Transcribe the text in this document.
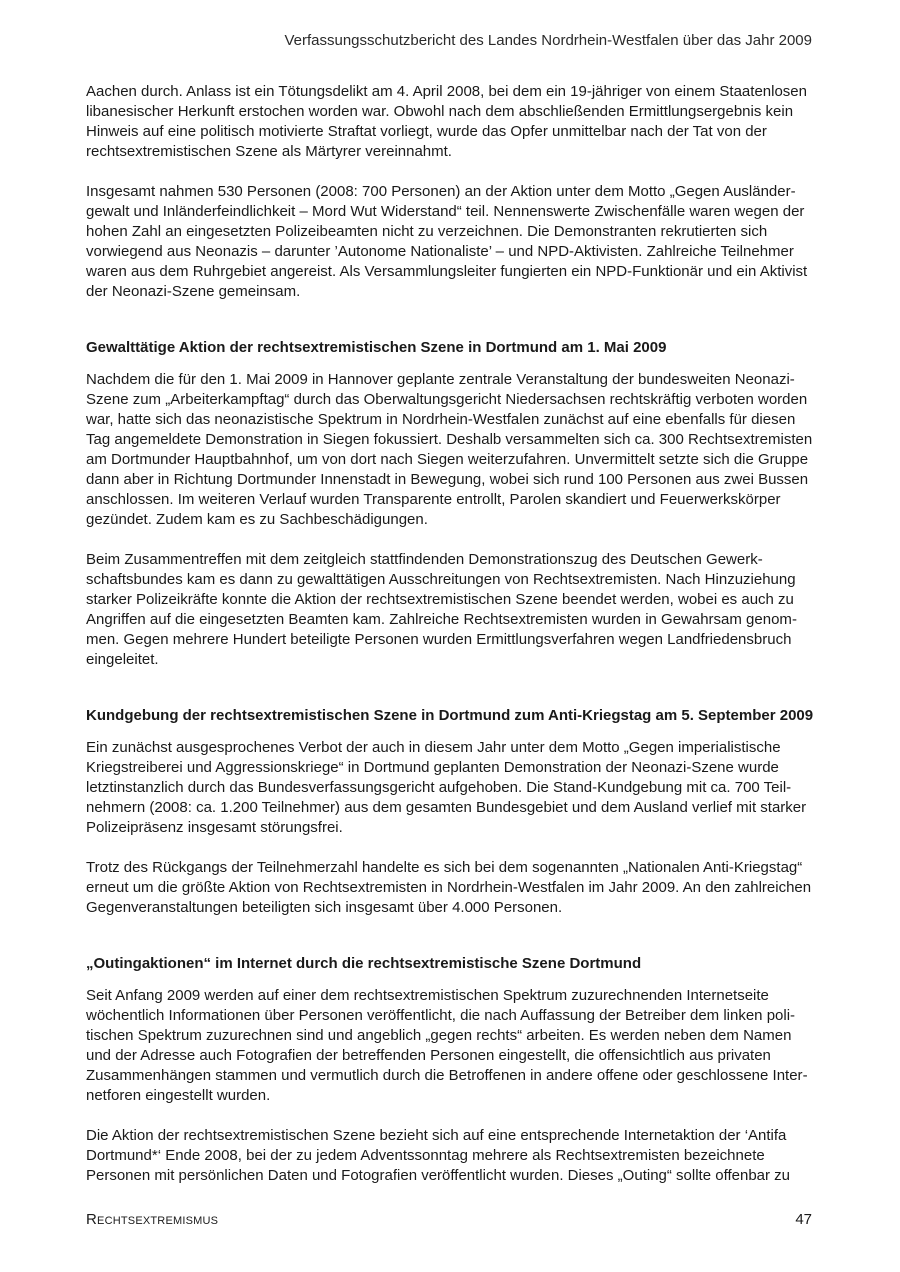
Verfassungsschutzbericht des Landes Nordrhein-Westfalen über das Jahr 2009

Aachen durch. Anlass ist ein Tötungsdelikt am 4. April 2008, bei dem ein 19-jähriger von einem Staatenlosen libanesischer Herkunft erstochen worden war. Obwohl nach dem abschließenden Ermittlungsergebnis kein Hinweis auf eine politisch motivierte Straftat vorliegt, wurde das Opfer unmittelbar nach der Tat von der rechtsextremistischen Szene als Märtyrer vereinnahmt.

Insgesamt nahmen 530 Personen (2008: 700 Personen) an der Aktion unter dem Motto „Gegen Ausländergewalt und Inländerfeindlichkeit – Mord Wut Widerstand“ teil. Nennenswerte Zwischenfälle waren wegen der hohen Zahl an eingesetzten Polizeibeamten nicht zu verzeichnen. Die Demonstranten rekrutierten sich vorwiegend aus Neonazis – darunter ’Autonome Nationaliste’ – und NPD-Aktivisten. Zahlreiche Teilnehmer waren aus dem Ruhrgebiet angereist. Als Versammlungsleiter fungierten ein NPD-Funktionär und ein Aktivist der Neonazi-Szene gemeinsam.

Gewalttätige Aktion der rechtsextremistischen Szene in Dortmund am 1. Mai 2009

Nachdem die für den 1. Mai 2009 in Hannover geplante zentrale Veranstaltung der bundesweiten Neonazi-Szene zum „Arbeiterkampftag“ durch das Oberwaltungsgericht Niedersachsen rechtskräftig verboten worden war, hatte sich das neonazistische Spektrum in Nordrhein-Westfalen zunächst auf eine ebenfalls für diesen Tag angemeldete Demonstration in Siegen fokussiert. Deshalb versammelten sich ca. 300 Rechtsextremisten am Dortmunder Hauptbahnhof, um von dort nach Siegen weiterzufahren. Unvermittelt setzte sich die Gruppe dann aber in Richtung Dortmunder Innenstadt in Bewegung, wobei sich rund 100 Personen aus zwei Bussen anschlossen. Im weiteren Verlauf wurden Transparente entrollt, Parolen skandiert und Feuerwerkskörper gezündet. Zudem kam es zu Sachbeschädigungen.

Beim Zusammentreffen mit dem zeitgleich stattfindenden Demonstrationszug des Deutschen Gewerkschaftsbundes kam es dann zu gewalttätigen Ausschreitungen von Rechtsextremisten. Nach Hinzuziehung starker Polizeikräfte konnte die Aktion der rechtsextremistischen Szene beendet werden, wobei es auch zu Angriffen auf die eingesetzten Beamten kam. Zahlreiche Rechtsextremisten wurden in Gewahrsam genommen. Gegen mehrere Hundert beteiligte Personen wurden Ermittlungsverfahren wegen Landfriedensbruch eingeleitet.

Kundgebung der rechtsextremistischen Szene in Dortmund zum Anti-Kriegstag am 5. September 2009

Ein zunächst ausgesprochenes Verbot der auch in diesem Jahr unter dem Motto „Gegen imperialistische Kriegstreiberei und Aggressionskriege“ in Dortmund geplanten Demonstration der Neonazi-Szene wurde letztinstanzlich durch das Bundesverfassungsgericht aufgehoben. Die Stand-Kundgebung mit ca. 700 Teilnehmern (2008: ca. 1.200 Teilnehmer) aus dem gesamten Bundesgebiet und dem Ausland verlief mit starker Polizeipräsenz insgesamt störungsfrei.

Trotz des Rückgangs der Teilnehmerzahl handelte es sich bei dem sogenannten „Nationalen Anti-Kriegstag“ erneut um die größte Aktion von Rechtsextremisten in Nordrhein-Westfalen im Jahr 2009. An den zahlreichen Gegenveranstaltungen beteiligten sich insgesamt über 4.000 Personen.

„Outingaktionen“ im Internet durch die rechtsextremistische Szene Dortmund

Seit Anfang 2009 werden auf einer dem rechtsextremistischen Spektrum zuzurechnenden Internetseite wöchentlich Informationen über Personen veröffentlicht, die nach Auffassung der Betreiber dem linken politischen Spektrum zuzurechnen sind und angeblich „gegen rechts“ arbeiten. Es werden neben dem Namen und der Adresse auch Fotografien der betreffenden Personen eingestellt, die offensichtlich aus privaten Zusammenhängen stammen und vermutlich durch die Betroffenen in andere offene oder geschlossene Internetforen eingestellt wurden.

Die Aktion der rechtsextremistischen Szene bezieht sich auf eine entsprechende Internetaktion der ‘Antifa Dortmund*‘ Ende 2008, bei der zu jedem Adventssonntag mehrere als Rechtsextremisten bezeichnete Personen mit persönlichen Daten und Fotografien veröffentlicht wurden. Dieses „Outing“ sollte offenbar zu

Rechtsextremismus	47
